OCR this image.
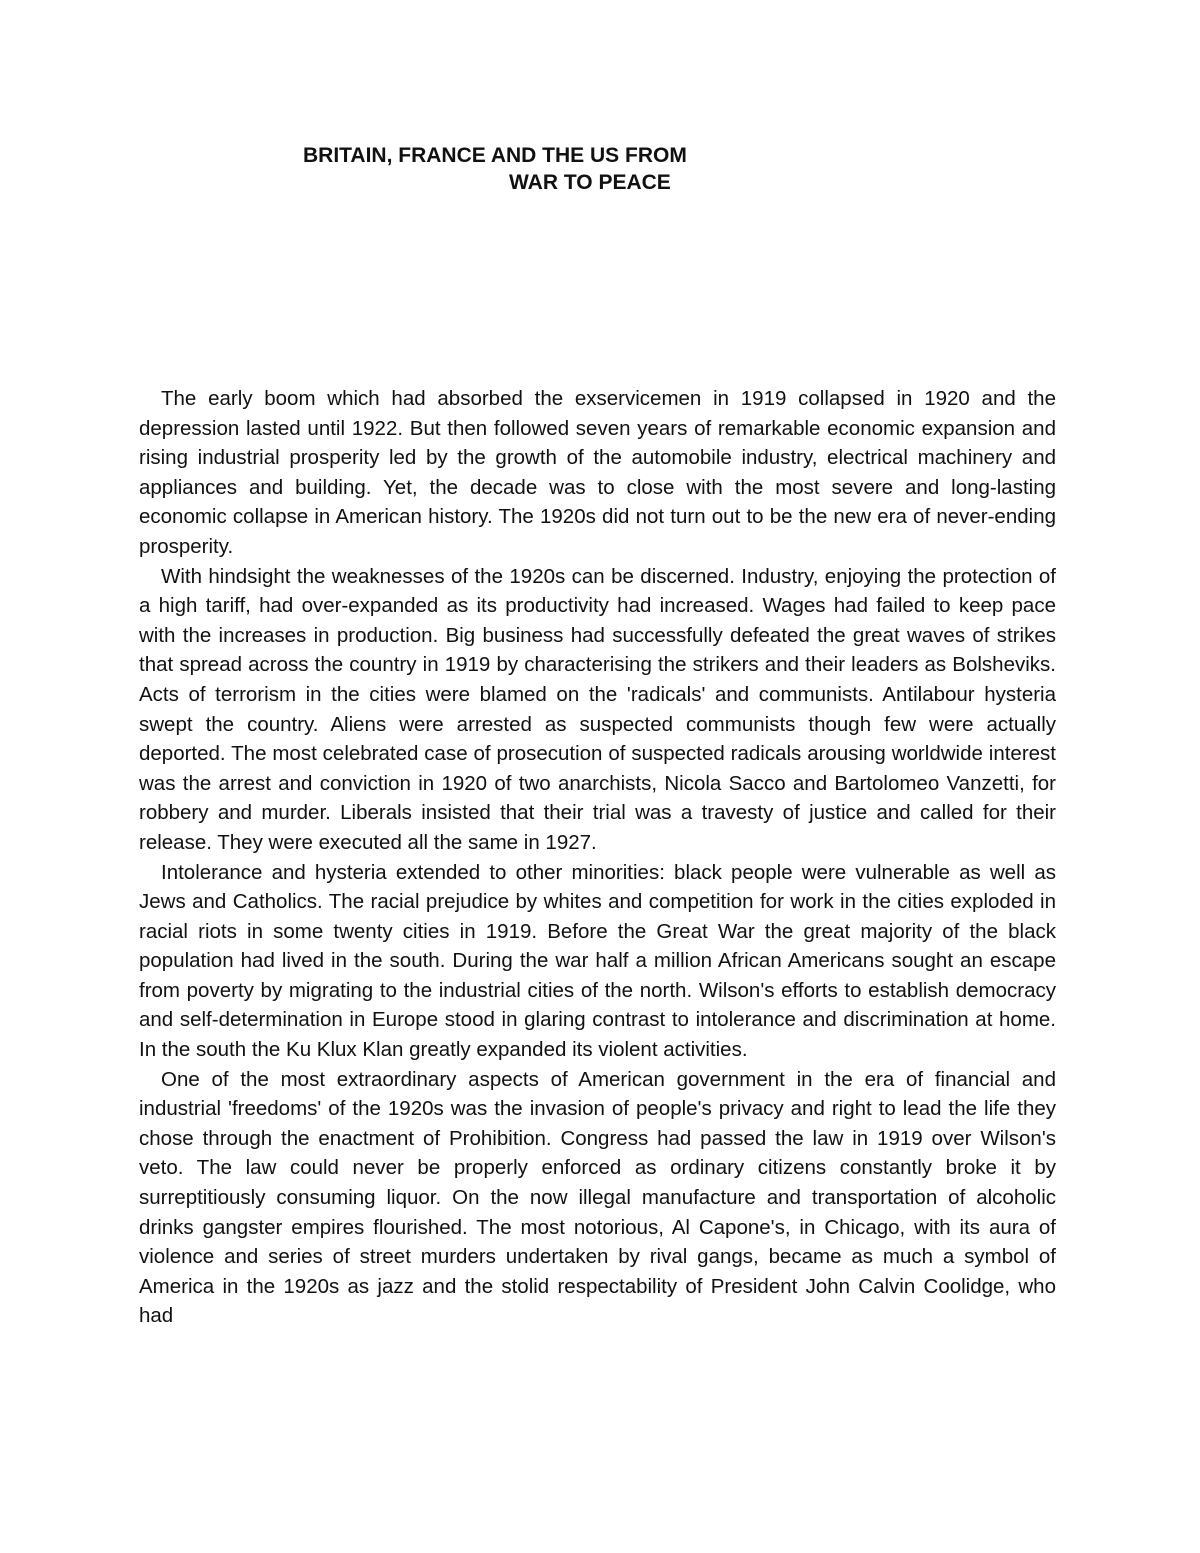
BRITAIN, FRANCE AND THE US FROM
WAR TO PEACE

The early boom which had absorbed the exservicemen in 1919 collapsed in 1920 and the depression lasted until 1922. But then followed seven years of remarkable economic expansion and rising industrial prosperity led by the growth of the automobile industry, electrical machinery and appliances and building. Yet, the decade was to close with the most severe and long-lasting economic collapse in American history. The 1920s did not turn out to be the new era of never-ending prosperity.

With hindsight the weaknesses of the 1920s can be discerned. Industry, enjoying the protection of a high tariff, had over-expanded as its productivity had increased. Wages had failed to keep pace with the increases in production. Big business had successfully defeated the great waves of strikes that spread across the country in 1919 by characterising the strikers and their leaders as Bolsheviks. Acts of terrorism in the cities were blamed on the 'radicals' and communists. Antilabour hysteria swept the country. Aliens were arrested as suspected communists though few were actually deported. The most celebrated case of prosecution of suspected radicals arousing worldwide interest was the arrest and conviction in 1920 of two anarchists, Nicola Sacco and Bartolomeo Vanzetti, for robbery and murder. Liberals insisted that their trial was a travesty of justice and called for their release. They were executed all the same in 1927.

Intolerance and hysteria extended to other minorities: black people were vulnerable as well as Jews and Catholics. The racial prejudice by whites and competition for work in the cities exploded in racial riots in some twenty cities in 1919. Before the Great War the great majority of the black population had lived in the south. During the war half a million African Americans sought an escape from poverty by migrating to the industrial cities of the north. Wilson's efforts to establish democracy and self-determination in Europe stood in glaring contrast to intolerance and discrimination at home. In the south the Ku Klux Klan greatly expanded its violent activities.

One of the most extraordinary aspects of American government in the era of financial and industrial 'freedoms' of the 1920s was the invasion of people's privacy and right to lead the life they chose through the enactment of Prohibition. Congress had passed the law in 1919 over Wilson's veto. The law could never be properly enforced as ordinary citizens constantly broke it by surreptitiously consuming liquor. On the now illegal manufacture and transportation of alcoholic drinks gangster empires flourished. The most notorious, Al Capone's, in Chicago, with its aura of violence and series of street murders undertaken by rival gangs, became as much a symbol of America in the 1920s as jazz and the stolid respectability of President John Calvin Coolidge, who had
